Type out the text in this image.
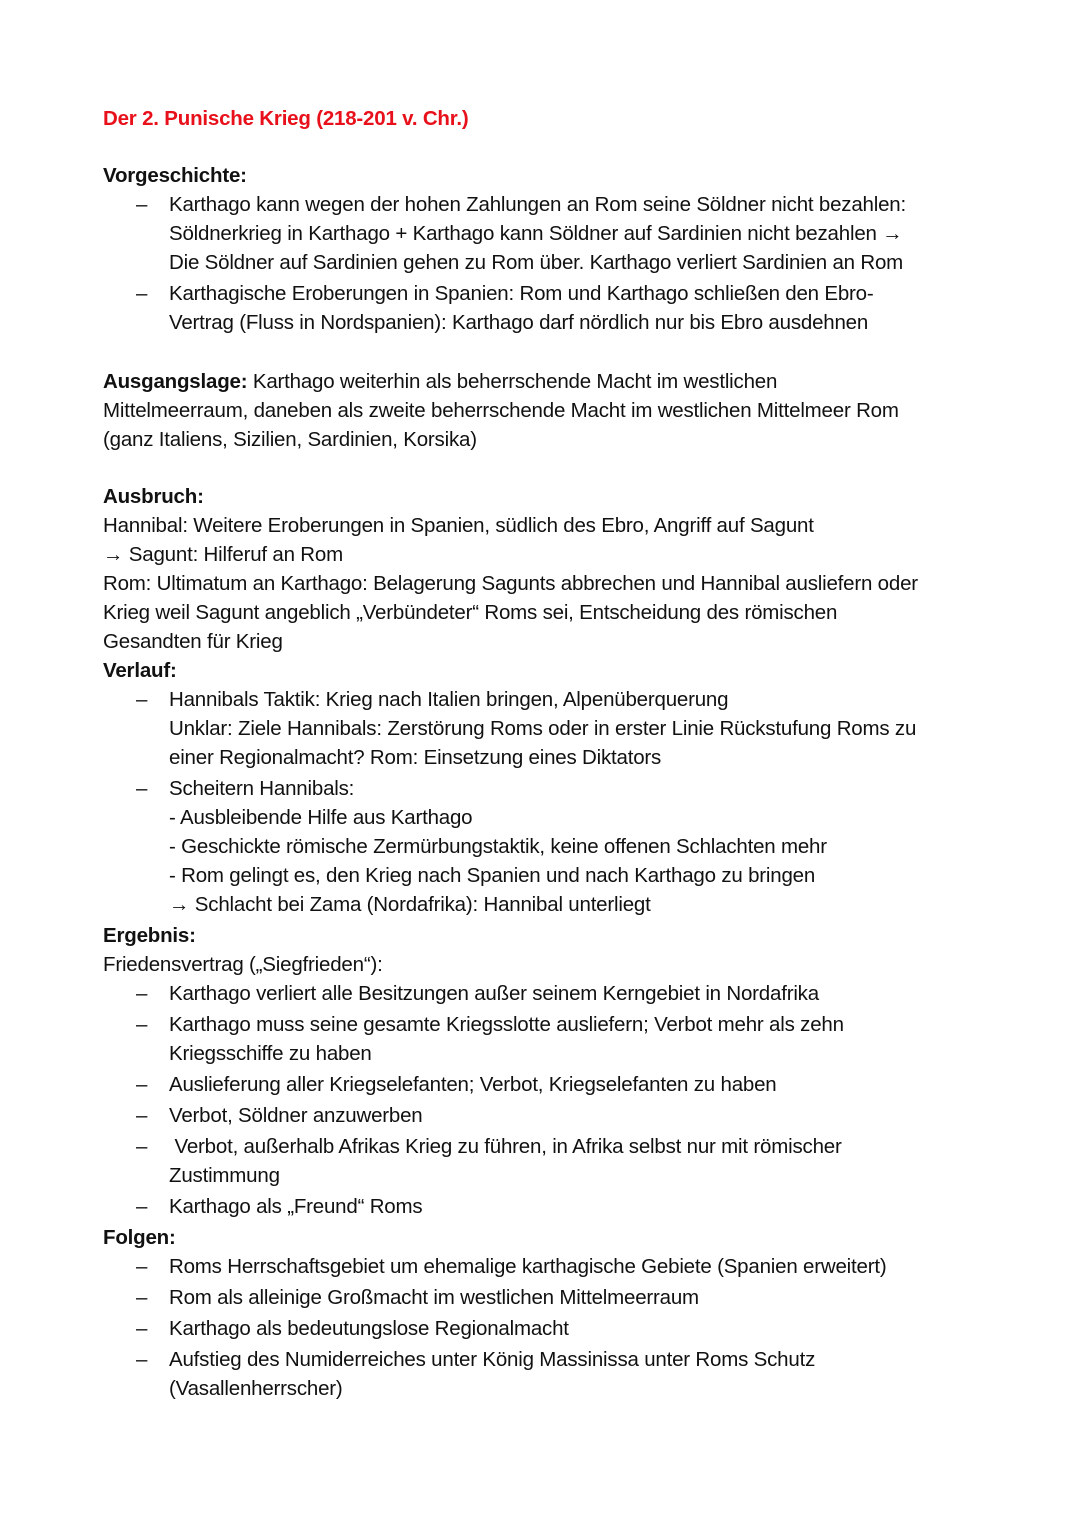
Der 2. Punische Krieg (218-201 v. Chr.)

Vorgeschichte:

– Karthago kann wegen der hohen Zahlungen an Rom seine Söldner nicht bezahlen:
Söldnerkrieg in Karthago + Karthago kann Söldner auf Sardinien nicht bezahlen →
Die Söldner auf Sardinien gehen zu Rom über. Karthago verliert Sardinien an Rom
– Karthagische Eroberungen in Spanien: Rom und Karthago schließen den Ebro-
Vertrag (Fluss in Nordspanien): Karthago darf nördlich nur bis Ebro ausdehnen

Ausgangslage: Karthago weiterhin als beherrschende Macht im westlichen

Mittelmeerraum, daneben als zweite beherrschende Macht im westlichen Mittelmeer Rom

(ganz Italiens, Sizilien, Sardinien, Korsika)

Ausbruch:

Hannibal: Weitere Eroberungen in Spanien, südlich des Ebro, Angriff auf Sagunt

→ Sagunt: Hilferuf an Rom

Rom: Ultimatum an Karthago: Belagerung Sagunts abbrechen und Hannibal ausliefern oder

Krieg weil Sagunt angeblich „Verbündeter“ Roms sei, Entscheidung des römischen

Gesandten für Krieg

Verlauf:

– Hannibals Taktik: Krieg nach Italien bringen, Alpenüberquerung
Unklar: Ziele Hannibals: Zerstörung Roms oder in erster Linie Rückstufung Roms zu
einer Regionalmacht? Rom: Einsetzung eines Diktators
– Scheitern Hannibals:
- Ausbleibende Hilfe aus Karthago
- Geschickte römische Zermürbungstaktik, keine offenen Schlachten mehr
- Rom gelingt es, den Krieg nach Spanien und nach Karthago zu bringen
→ Schlacht bei Zama (Nordafrika): Hannibal unterliegt

Ergebnis:

Friedensvertrag („Siegfrieden“):

– Karthago verliert alle Besitzungen außer seinem Kerngebiet in Nordafrika
– Karthago muss seine gesamte Kriegsslotte ausliefern; Verbot mehr als zehn
Kriegsschiffe zu haben
– Auslieferung aller Kriegselefanten; Verbot, Kriegselefanten zu haben
– Verbot, Söldner anzuwerben
– Verbot, außerhalb Afrikas Krieg zu führen, in Afrika selbst nur mit römischer
Zustimmung
– Karthago als „Freund“ Roms

Folgen:

– Roms Herrschaftsgebiet um ehemalige karthagische Gebiete (Spanien erweitert)
– Rom als alleinige Großmacht im westlichen Mittelmeerraum
– Karthago als bedeutungslose Regionalmacht
– Aufstieg des Numiderreiches unter König Massinissa unter Roms Schutz
(Vasallenherrscher)
